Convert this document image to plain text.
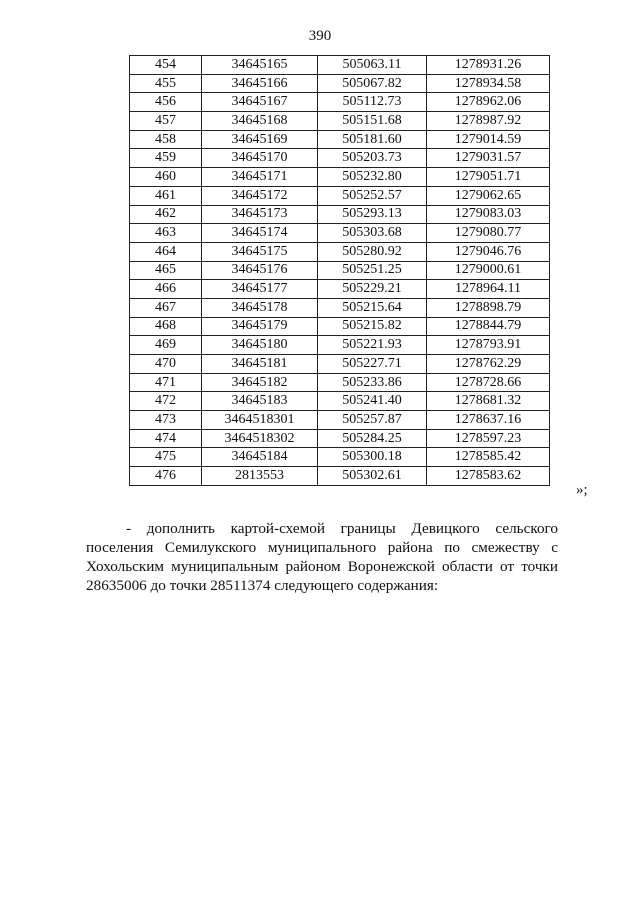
390
454	34645165	505063.11	1278931.26
455	34645166	505067.82	1278934.58
456	34645167	505112.73	1278962.06
457	34645168	505151.68	1278987.92
458	34645169	505181.60	1279014.59
459	34645170	505203.73	1279031.57
460	34645171	505232.80	1279051.71
461	34645172	505252.57	1279062.65
462	34645173	505293.13	1279083.03
463	34645174	505303.68	1279080.77
464	34645175	505280.92	1279046.76
465	34645176	505251.25	1279000.61
466	34645177	505229.21	1278964.11
467	34645178	505215.64	1278898.79
468	34645179	505215.82	1278844.79
469	34645180	505221.93	1278793.91
470	34645181	505227.71	1278762.29
471	34645182	505233.86	1278728.66
472	34645183	505241.40	1278681.32
473	3464518301	505257.87	1278637.16
474	3464518302	505284.25	1278597.23
475	34645184	505300.18	1278585.42
476	2813553	505302.61	1278583.62
»;

- дополнить картой-схемой границы Девицкого сельского поселения Семилукского муниципального района по смежеству с Хохольским муниципальным районом Воронежской области от точки 28635006 до точки 28511374 следующего содержания:
